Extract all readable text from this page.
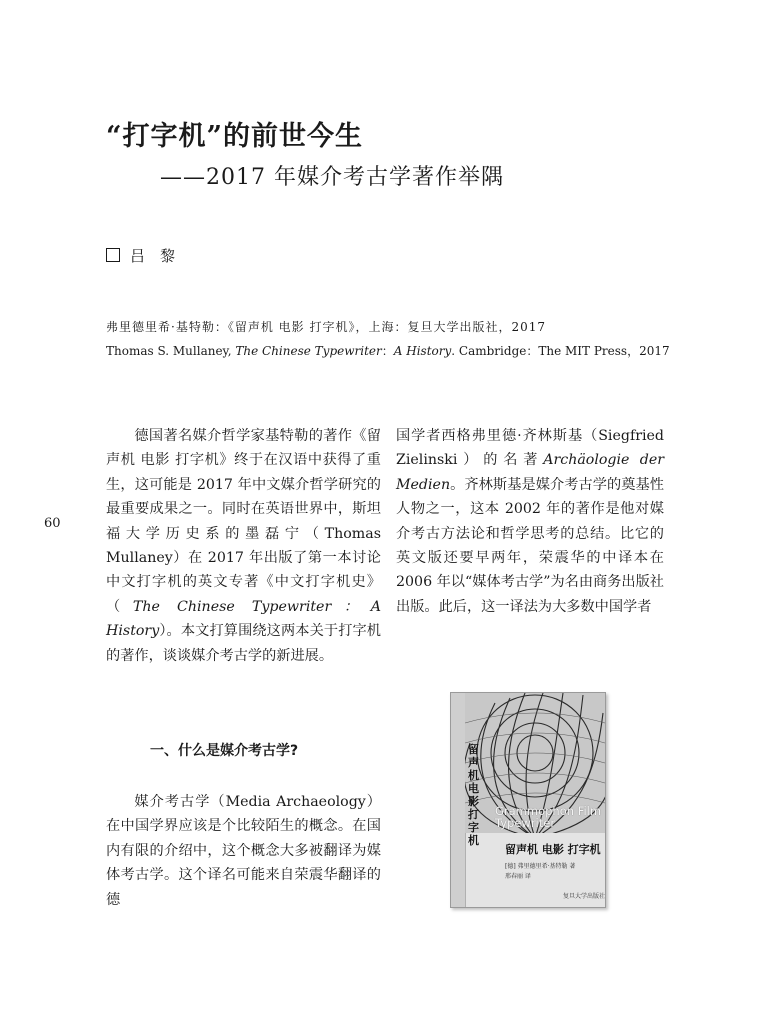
“打字机”的前世今生
——2017 年媒介考古学著作举隅
吕　黎
弗里德里希·基特勒：《留声机 电影 打字机》，上海：复旦大学出版社，2017
Thomas S. Mullaney, The Chinese Typewriter：A History. Cambridge：The MIT Press，2017
60

德国著名媒介哲学家基特勒的著作《留声机 电影 打字机》终于在汉语中获得了重生，这可能是 2017 年中文媒介哲学研究的最重要成果之一。同时在英语世界中，斯坦福大学历史系的墨磊宁（Thomas Mullaney）在 2017 年出版了第一本讨论中文打字机的英文专著《中文打字机史》（The Chinese Typewriter：A History）。本文打算围绕这两本关于打字机的著作，谈谈媒介考古学的新进展。

一、什么是媒介考古学?

媒介考古学（Media Archaeology）在中国学界应该是个比较陌生的概念。在国内有限的介绍中，这个概念大多被翻译为媒体考古学。这个译名可能来自荣震华翻译的德

国学者西格弗里德·齐林斯基（Siegfried Zielinski）的名著Archäologie der Medien。齐林斯基是媒介考古学的奠基性人物之一，这本 2002 年的著作是他对媒介考古方法论和哲学思考的总结。比它的英文版还要早两年，荣震华的中译本在 2006 年以“媒体考古学”为名由商务出版社出版。此后，这一译法为大多数中国学者

留声机电影打字机
Grammophon Film Typewriter
留声机 电影 打字机
[德] 弗里德里希·基特勒 著
邢春丽 译
复旦大学出版社
